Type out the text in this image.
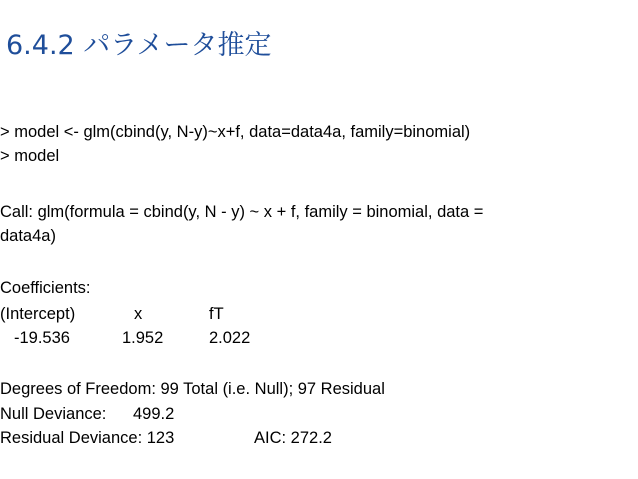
6.4.2 パラメータ推定
> model <- glm(cbind(y, N-y)~x+f, data=data4a, family=binomial)
> model
Call: glm(formula = cbind(y, N - y) ~ x + f, family = binomial, data =
data4a)
Coefficients:
(Intercept)	x	fT
-19.536	1.952	2.022
Degrees of Freedom: 99 Total (i.e. Null); 97 Residual
Null Deviance: 499.2
Residual Deviance: 123	AIC: 272.2
